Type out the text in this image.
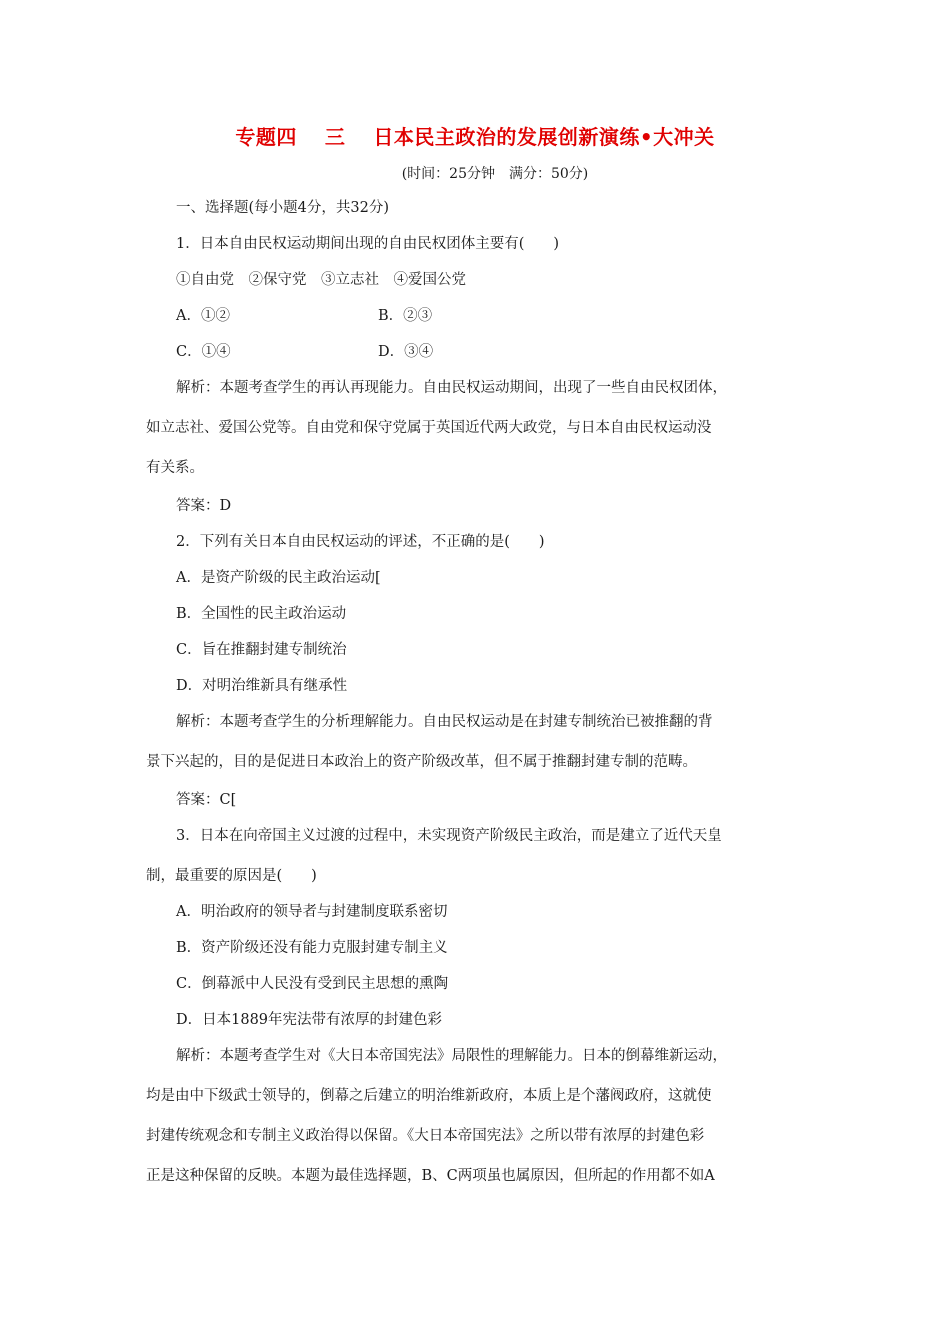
专题四　 三　 日本民主政治的发展创新演练•大冲关
(时间：25分钟　满分：50分)
一、选择题(每小题4分，共32分)
1．日本自由民权运动期间出现的自由民权团体主要有(　　)
①自由党　②保守党　③立志社　④爱国公党
A．①②	B．②③
C．①④	D．③④
解析：本题考查学生的再认再现能力。自由民权运动期间，出现了一些自由民权团体，
如立志社、爱国公党等。自由党和保守党属于英国近代两大政党，与日本自由民权运动没
有关系。
答案：D
2．下列有关日本自由民权运动的评述，不正确的是(　　)
A．是资产阶级的民主政治运动[
B．全国性的民主政治运动
C．旨在推翻封建专制统治
D．对明治维新具有继承性
解析：本题考查学生的分析理解能力。自由民权运动是在封建专制统治已被推翻的背
景下兴起的，目的是促进日本政治上的资产阶级改革，但不属于推翻封建专制的范畴。
答案：C[
3．日本在向帝国主义过渡的过程中，未实现资产阶级民主政治，而是建立了近代天皇
制，最重要的原因是(　　)
A．明治政府的领导者与封建制度联系密切
B．资产阶级还没有能力克服封建专制主义
C．倒幕派中人民没有受到民主思想的熏陶
D．日本1889年宪法带有浓厚的封建色彩
解析：本题考查学生对《大日本帝国宪法》局限性的理解能力。日本的倒幕维新运动，
均是由中下级武士领导的，倒幕之后建立的明治维新政府，本质上是个藩阀政府，这就使
封建传统观念和专制主义政治得以保留。《大日本帝国宪法》之所以带有浓厚的封建色彩
正是这种保留的反映。本题为最佳选择题，B、C两项虽也属原因，但所起的作用都不如A
